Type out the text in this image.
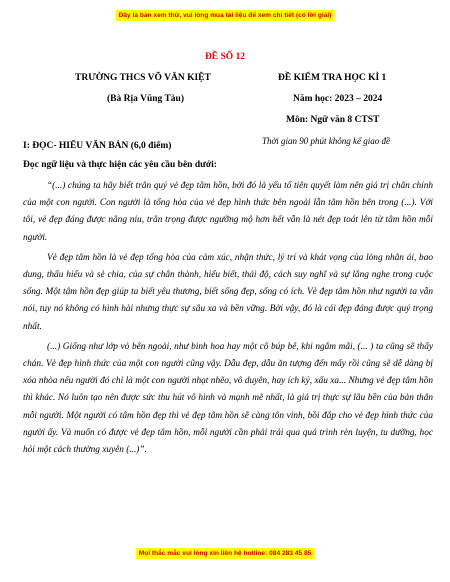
Đây là bản xem thử, vui lòng mua tài liệu để xem chi tiết (có lời giải)
ĐỀ SỐ 12
TRƯỜNG THCS VÕ VĂN KIỆT
(Bà Rịa Vũng Tàu)
ĐỀ KIỂM TRA HỌC KÌ 1
Năm học: 2023 – 2024
Môn: Ngữ văn 8 CTST
Thời gian 90 phút không kể giao đề
I: ĐỌC- HIỂU VĂN BẢN (6,0 điểm)
Đọc ngữ liệu và thực hiện các yêu cầu bên dưới:

“(...) chúng ta hãy biết trân quý vẻ đẹp tâm hồn, bởi đó là yếu tố tiên quyết làm nên giá trị chân chính của một con người. Con người là tổng hòa của vẻ đẹp hình thức bên ngoài lẫn tâm hồn bên trong (...). Với tôi, vẻ đẹp đáng được nâng niu, trân trọng được ngưỡng mộ hơn hết vẫn là nét đẹp toát lên từ tâm hồn mỗi người.

Vẻ đẹp tâm hồn là vẻ đẹp tổng hòa của cảm xúc, nhận thức, lý trí và khát vọng của lòng nhân ái, bao dung, thấu hiểu và sẻ chia, của sự chân thành, hiểu biết, thái độ, cách suy nghĩ và sự lắng nghe trong cuộc sống. Một tâm hồn đẹp giúp ta biết yêu thương, biết sống đẹp, sống có ích. Vẻ đẹp tâm hồn như người ta vẫn nói, tuy nó không có hình hài nhưng thực sự sâu xa và bền vững. Bởi vậy, đó là cái đẹp đáng được quý trọng nhất.

(...) Giống như lớp vỏ bên ngoài, như bình hoa hay một cô búp bê, khi ngắm mãi, (... ) ta cũng sẽ thấy chán. Vẻ đẹp hình thức của một con người cũng vậy. Dẫu đẹp, dẫu ăn tượng đến mấy rồi cũng sẽ dễ dàng bị xóa nhòa nếu người đó chỉ là một con người nhạt nhẽo, vô duyên, hay ích kỷ, xấu xa... Nhưng vẻ đẹp tâm hồn thì khác. Nó luôn tạo nên được sức thu hút vô hình và mạnh mẽ nhất, là giá trị thực sự lâu bền của bản thân mỗi người. Một người có tâm hồn đẹp thì vẻ đẹp tâm hồn sẽ càng tôn vinh, bồi đắp cho vẻ đẹp hình thức của người ấy. Và muốn có được vẻ đẹp tâm hồn, mỗi người cần phải trải qua quá trình rèn luyện, tu dưỡng, học hỏi một cách thường xuyên (...)”.

Mọi thắc mắc vui lòng xin liên hệ hotline: 084 283 45 85
